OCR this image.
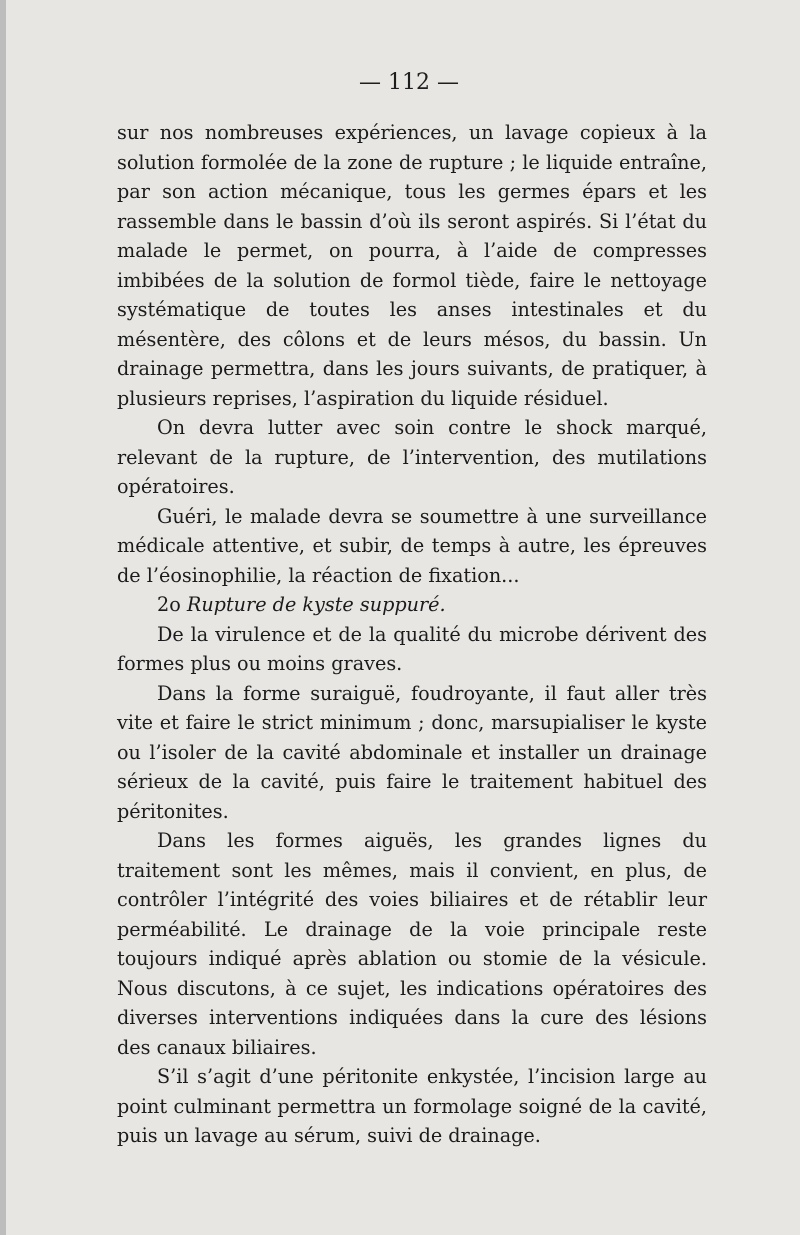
— 112 —

sur nos nombreuses expériences, un lavage copieux à la solution formolée de la zone de rupture ; le liquide entraîne, par son action mécanique, tous les germes épars et les rassemble dans le bassin d’où ils seront aspirés. Si l’état du malade le permet, on pourra, à l’aide de compresses imbibées de la solution de formol tiède, faire le nettoyage systématique de toutes les anses intestinales et du mésentère, des côlons et de leurs mésos, du bassin. Un drainage permettra, dans les jours suivants, de pratiquer, à plusieurs reprises, l’aspiration du liquide résiduel.

On devra lutter avec soin contre le shock marqué, relevant de la rupture, de l’intervention, des mutilations opératoires.

Guéri, le malade devra se soumettre à une surveillance médicale attentive, et subir, de temps à autre, les épreuves de l’éosinophilie, la réaction de fixation...

2o Rupture de kyste suppuré.

De la virulence et de la qualité du microbe dérivent des formes plus ou moins graves.

Dans la forme suraiguë, foudroyante, il faut aller très vite et faire le strict minimum ; donc, marsupialiser le kyste ou l’isoler de la cavité abdominale et installer un drainage sérieux de la cavité, puis faire le traitement habituel des péritonites.

Dans les formes aiguës, les grandes lignes du traitement sont les mêmes, mais il convient, en plus, de contrôler l’intégrité des voies biliaires et de rétablir leur perméabilité. Le drainage de la voie principale reste toujours indiqué après ablation ou stomie de la vésicule. Nous discutons, à ce sujet, les indications opératoires des diverses interventions indiquées dans la cure des lésions des canaux biliaires.

S’il s’agit d’une péritonite enkystée, l’incision large au point culminant permettra un formolage soigné de la cavité, puis un lavage au sérum, suivi de drainage.
